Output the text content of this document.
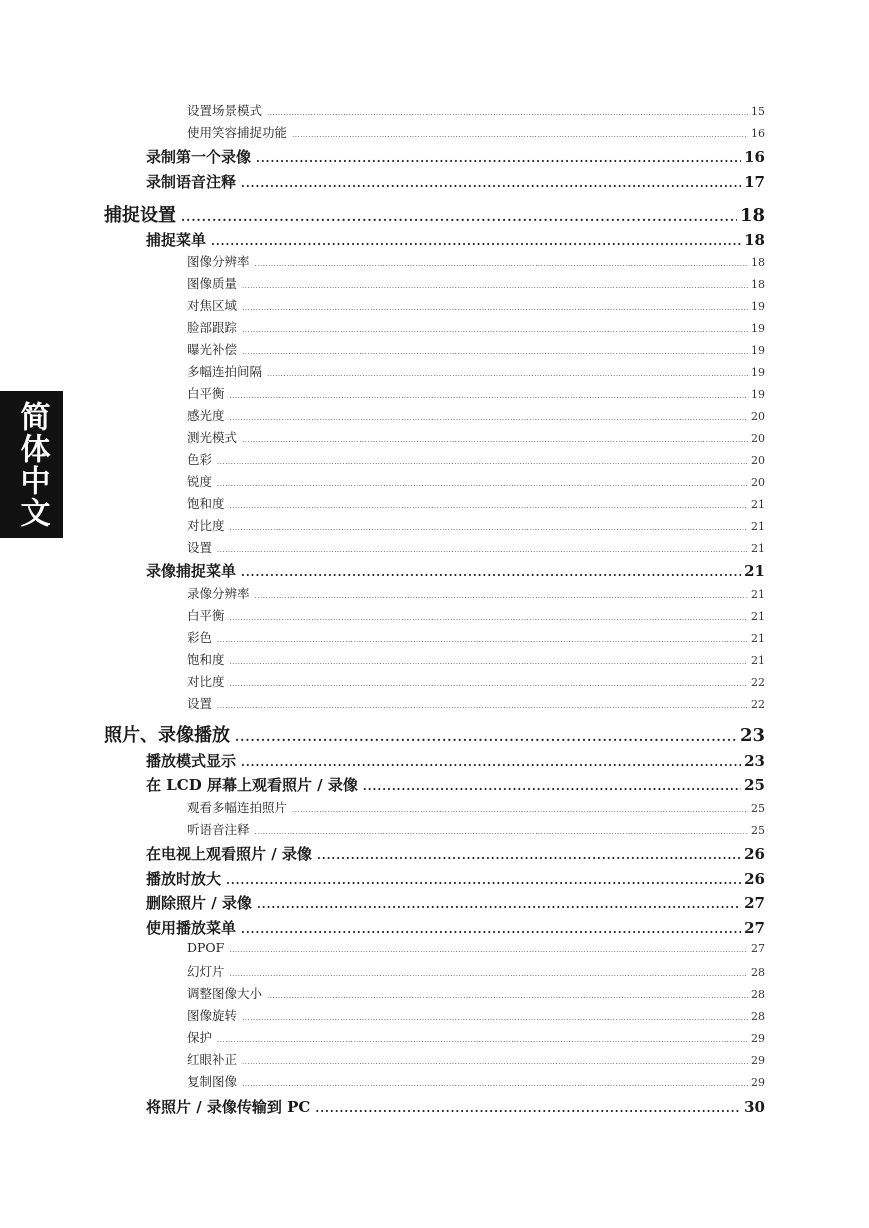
设置场景模式 .....	15
使用笑容捕捉功能 .....	16
录制第一个录像 .....	16
录制语音注释 .....	17
捕捉设置 .....	18
捕捉菜单 .....	18
图像分辨率 .....	18
图像质量 .....	18
对焦区域 .....	19
脸部跟踪 .....	19
曝光补偿 .....	19
多幅连拍间隔 .....	19
白平衡 .....	19
感光度 .....	20
测光模式 .....	20
色彩 .....	20
锐度 .....	20
饱和度 .....	21
对比度 .....	21
设置 .....	21
录像捕捉菜单 .....	21
录像分辨率 .....	21
白平衡 .....	21
彩色 .....	21
饱和度 .....	21
对比度 .....	22
设置 .....	22
照片、录像播放 .....	23
播放模式显示 .....	23
在 LCD 屏幕上观看照片 / 录像 .....	25
观看多幅连拍照片 .....	25
听语音注释 .....	25
在电视上观看照片 / 录像 .....	26
播放时放大 .....	26
删除照片 / 录像 .....	27
使用播放菜单 .....	27
DPOF .....	27
幻灯片 .....	28
调整图像大小 .....	28
图像旋转 .....	28
保护 .....	29
红眼补正 .....	29
复制图像 .....	29
将照片 / 录像传输到 PC .....	30
简体中文
